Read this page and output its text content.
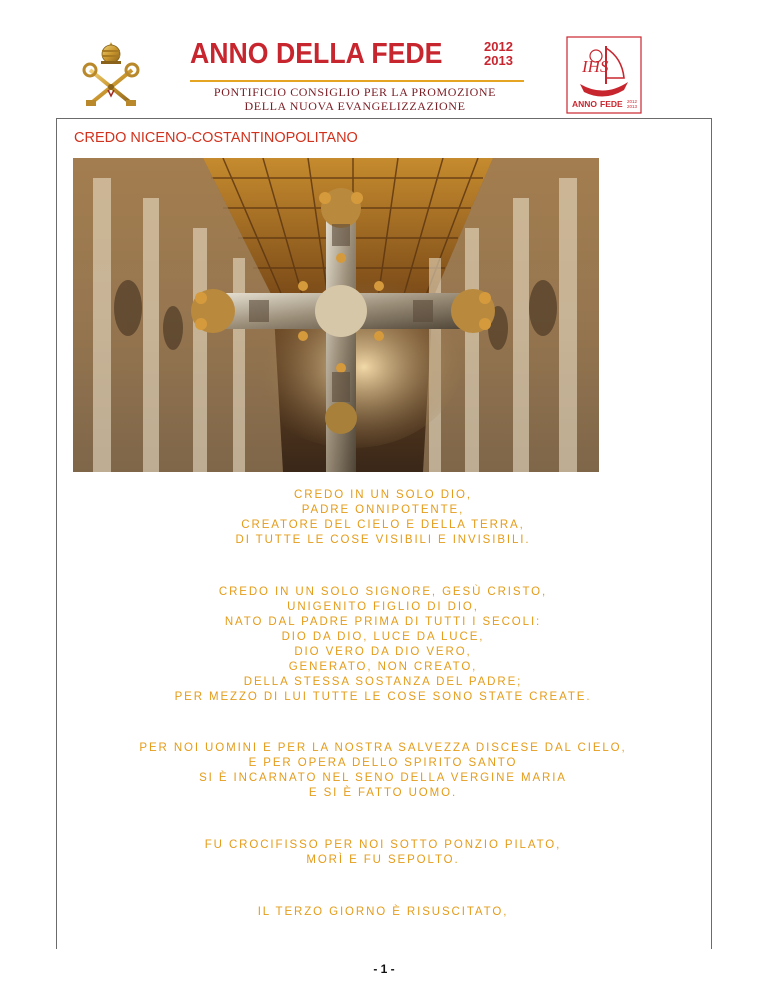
ANNO DELLA FEDE	2012
2013
PONTIFICIO CONSIGLIO PER LA PROMOZIONE
DELLA NUOVA EVANGELIZZAZIONE
IHS
ANNO FEDE 2012
2013
CREDO NICENO-COSTANTINOPOLITANO
CREDO IN UN SOLO DIO,
PADRE ONNIPOTENTE,
CREATORE DEL CIELO E DELLA TERRA,
DI TUTTE LE COSE VISIBILI E INVISIBILI.
CREDO IN UN SOLO SIGNORE, GESÙ CRISTO,
UNIGENITO FIGLIO DI DIO,
NATO DAL PADRE PRIMA DI TUTTI I SECOLI:
DIO DA DIO, LUCE DA LUCE,
DIO VERO DA DIO VERO,
GENERATO, NON CREATO,
DELLA STESSA SOSTANZA DEL PADRE;
PER MEZZO DI LUI TUTTE LE COSE SONO STATE CREATE.
PER NOI UOMINI E PER LA NOSTRA SALVEZZA DISCESE DAL CIELO,
E PER OPERA DELLO SPIRITO SANTO
SI È INCARNATO NEL SENO DELLA VERGINE MARIA
E SI È FATTO UOMO.
FU CROCIFISSO PER NOI SOTTO PONZIO PILATO,
MORÌ E FU SEPOLTO.
IL TERZO GIORNO È RISUSCITATO,
- 1 -
